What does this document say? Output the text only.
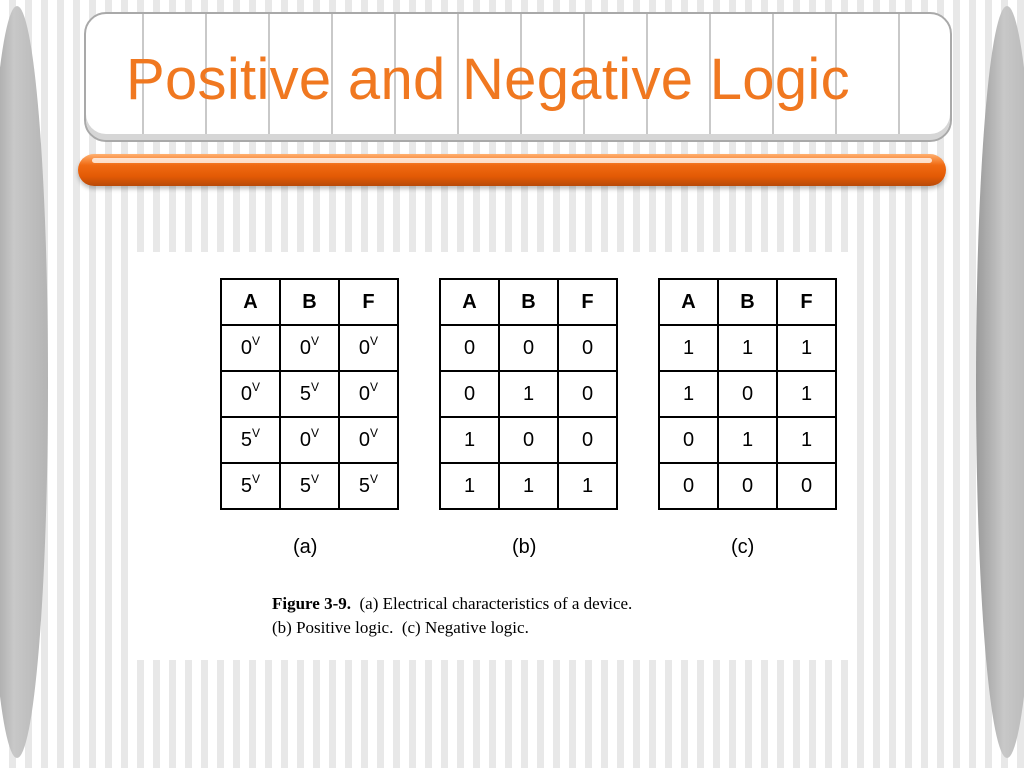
Positive and Negative Logic
A	B	F
$0^V$	$0^V$	$0^V$
$0^V$	$5^V$	$0^V$
$5^V$	$0^V$	$0^V$
$5^V$	$5^V$	$5^V$
A	B	F
0	0	0
0	1	0
1	0	0
1	1	1
A	B	F
1	1	1
1	0	1
0	1	1
0	0	0
(a)	(b)	(c)
Figure 3-9. (a) Electrical characteristics of a device.
(b) Positive logic.  (c) Negative logic.
